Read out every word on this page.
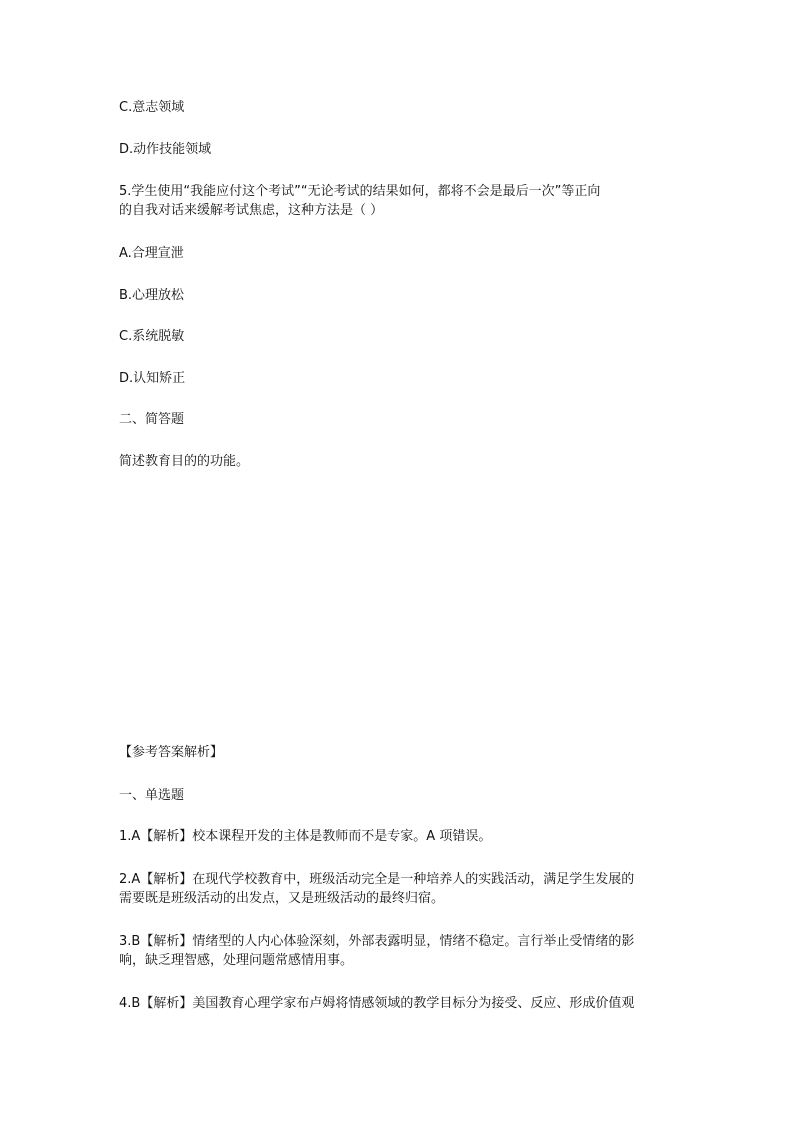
C.意志领域
D.动作技能领域
5.学生使用“我能应付这个考试”“无论考试的结果如何，都将不会是最后一次”等正向
的自我对话来缓解考试焦虑，这种方法是（ ）
A.合理宣泄
B.心理放松
C.系统脱敏
D.认知矫正
二、简答题
简述教育目的的功能。
【参考答案解析】
一、单选题
1.A【解析】校本课程开发的主体是教师而不是专家。A 项错误。
2.A【解析】在现代学校教育中，班级活动完全是一种培养人的实践活动，满足学生发展的
需要既是班级活动的出发点，又是班级活动的最终归宿。
3.B【解析】情绪型的人内心体验深刻，外部表露明显，情绪不稳定。言行举止受情绪的影
响，缺乏理智感，处理问题常感情用事。
4.B【解析】美国教育心理学家布卢姆将情感领域的教学目标分为接受、反应、形成价值观
